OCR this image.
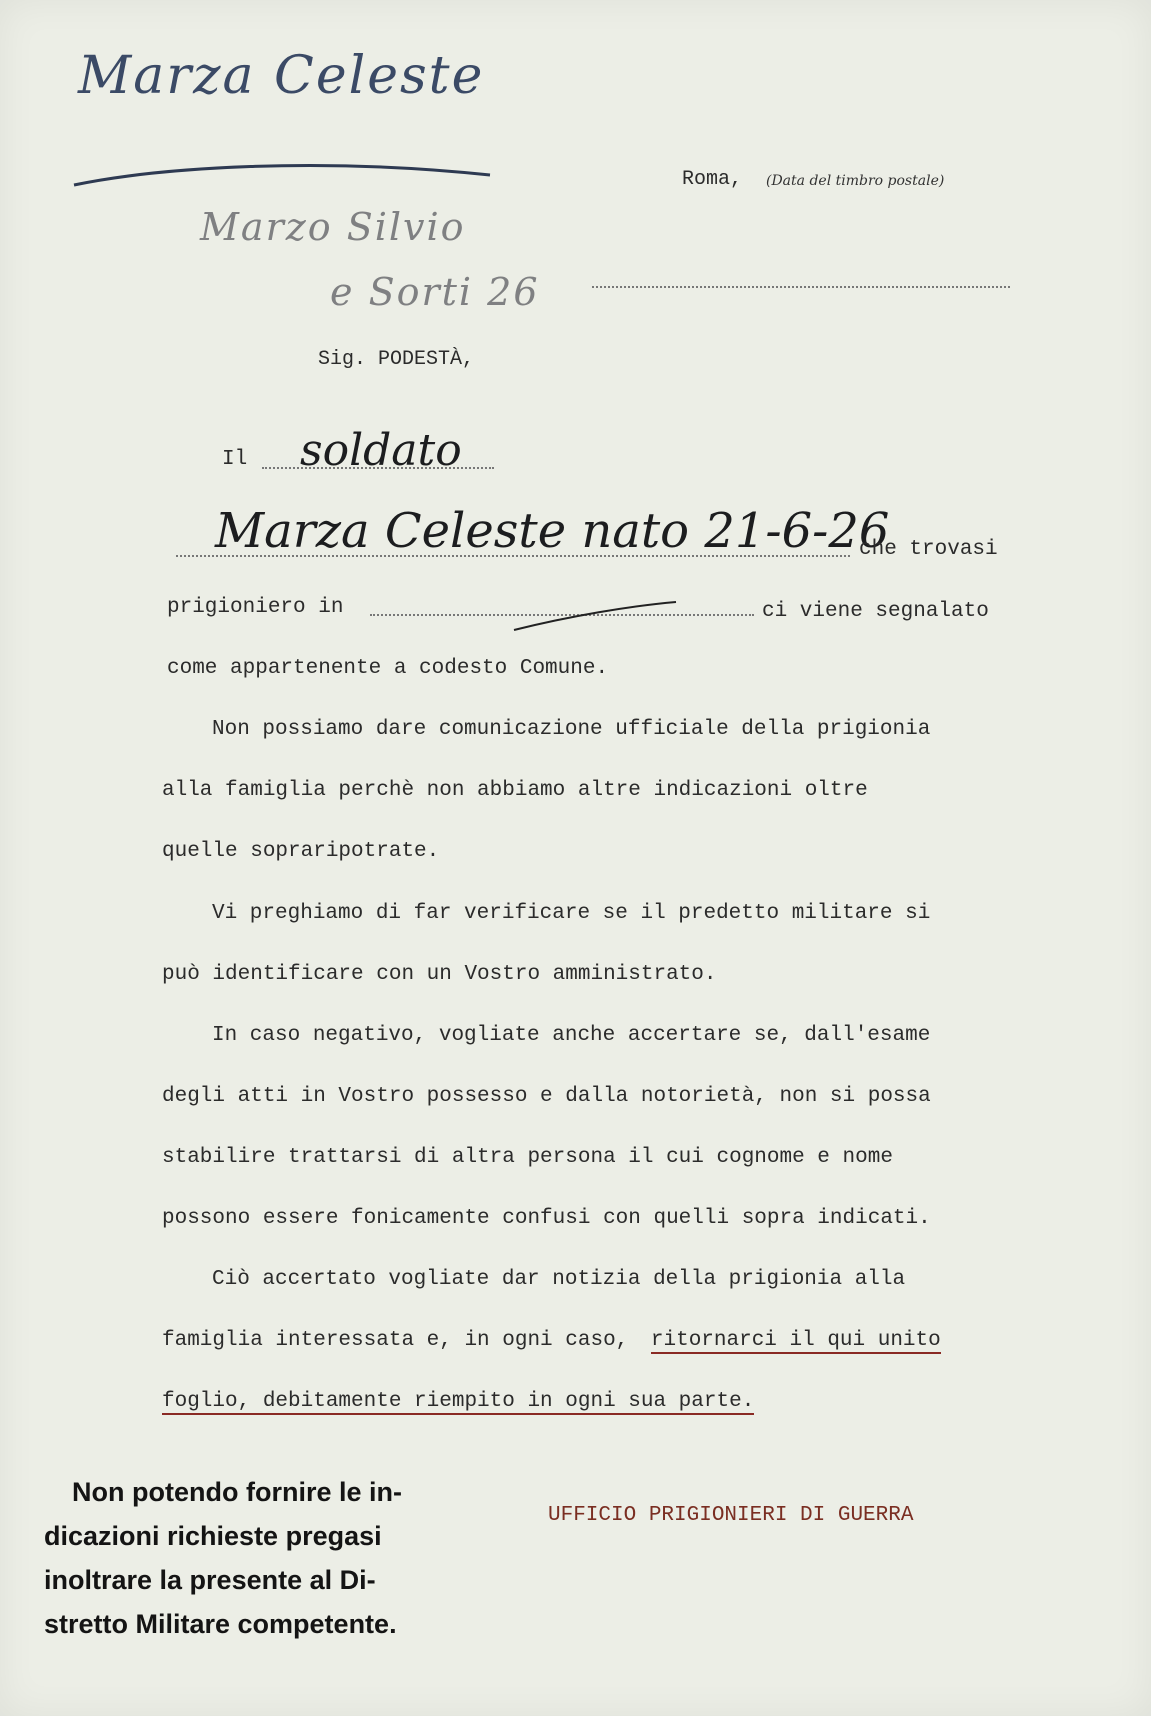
Marza Celeste
Marzo Silvio
e Sorti 26
Roma, (Data del timbro postale)
Sig. PODESTÀ,
Il soldato
Marza Celeste nato 21-6-26
che trovasi
prigioniero in	ci viene segnalato
come appartenente a codesto Comune.
Non possiamo dare comunicazione ufficiale della prigionia
alla famiglia perchè non abbiamo altre indicazioni oltre
quelle sopraripotrate.
Vi preghiamo di far verificare se il predetto militare si
può identificare con un Vostro amministrato.
In caso negativo, vogliate anche accertare se, dall'esame
degli atti in Vostro possesso e dalla notorietà, non si possa
stabilire trattarsi di altra persona il cui cognome e nome
possono essere fonicamente confusi con quelli sopra indicati.
Ciò accertato vogliate dar notizia della prigionia alla
famiglia interessata e, in ogni caso, ritornarci il qui unito
foglio, debitamente riempito in ogni sua parte.
Non potendo fornire le in-
dicazioni richieste pregasi
inoltrare la presente al Di-
stretto Militare competente.
UFFICIO PRIGIONIERI DI GUERRA
